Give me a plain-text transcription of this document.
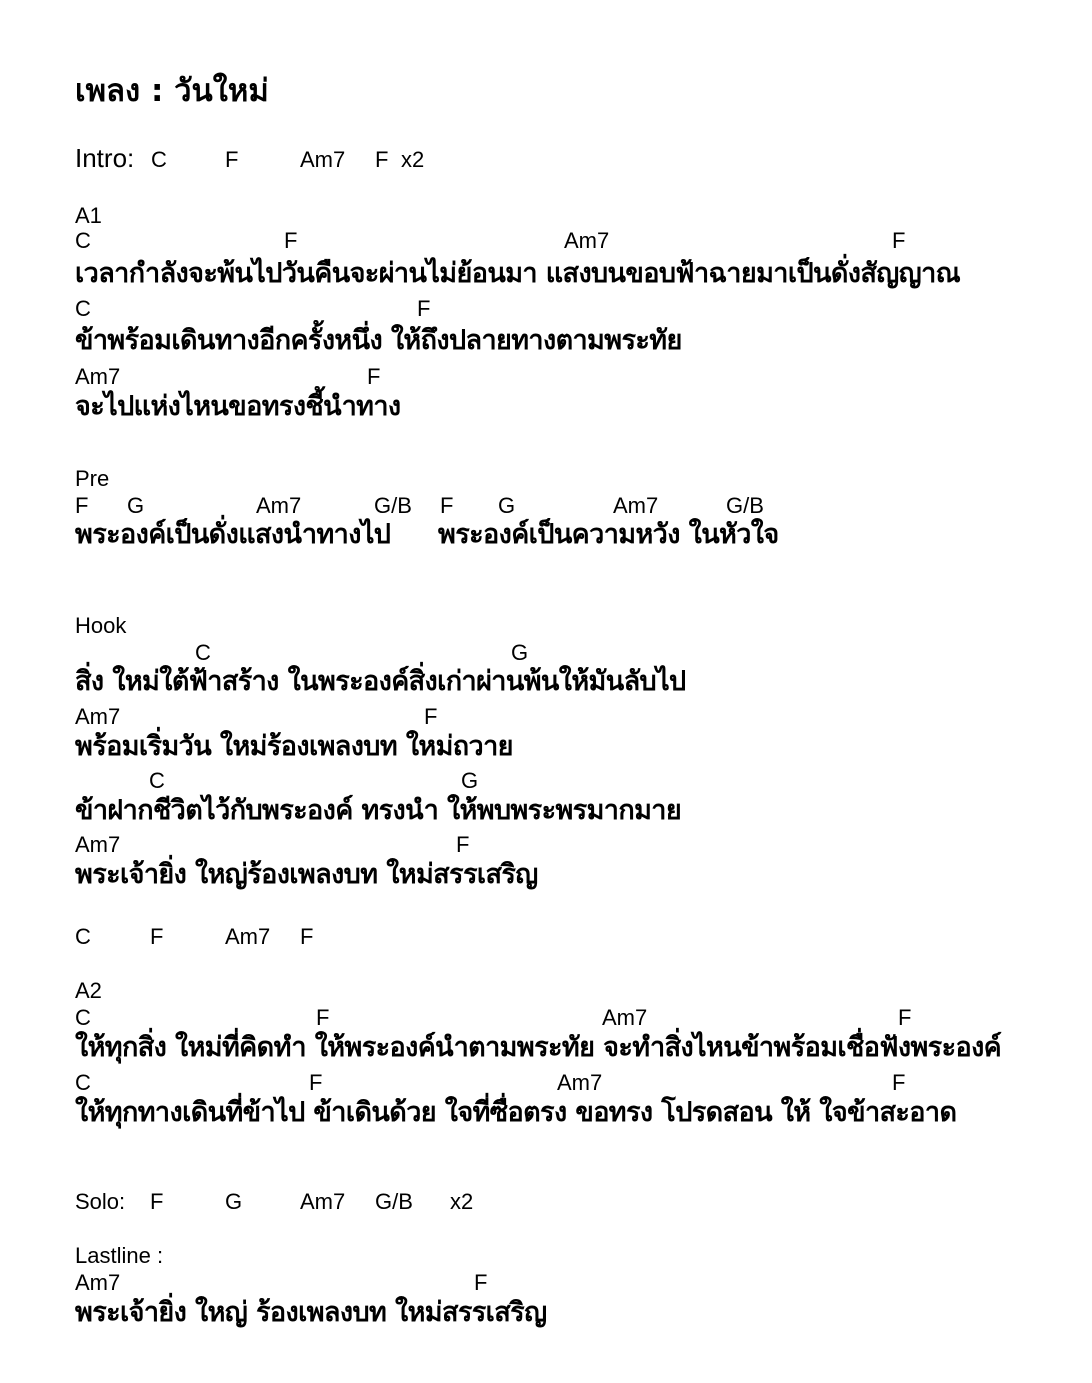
เพลง : วันใหม่
Intro: C	F	Am7 F x2
A1
C	F	Am7	F
เวลากำลังจะพ้นไปวันคืนจะผ่านไม่ย้อนมา แสงบนขอบฟ้าฉายมาเป็นดั่งสัญญาณ
C	F
ข้าพร้อมเดินทางอีกครั้งหนึ่ง ให้ถึงปลายทางตามพระทัย
Am7	F
จะไปแห่งไหนขอทรงชี้นำทาง
Pre
F G	Am7	G/B F G	Am7	G/B
พระองค์เป็นดั่งแสงนำทางไป พระองค์เป็นความหวัง ในหัวใจ
Hook
C	G
สิ่ง ใหม่ใต้ฟ้าสร้าง ในพระองค์สิ่งเก่าผ่านพ้นให้มันลับไป
Am7	F
พร้อมเริ่มวัน ใหม่ร้องเพลงบท ใหม่ถวาย
C	G
ข้าฝากชีวิตไว้กับพระองค์ ทรงนำ ให้พบพระพรมากมาย
Am7	F
พระเจ้ายิ่ง ใหญ่ร้องเพลงบท ใหม่สรรเสริญ
C	F	Am7 F
A2
C	F	Am7	F
ให้ทุกสิ่ง ใหม่ที่คิดทำ ให้พระองค์นำตามพระทัย จะทำสิ่งไหนข้าพร้อมเชื่อฟังพระองค์
C	F	Am7	F
ให้ทุกทางเดินที่ข้าไป ข้าเดินด้วย ใจที่ซื่อตรง ขอทรง โปรดสอน ให้ ใจข้าสะอาด
Solo: F	G	Am7 G/B x2
Lastline :
Am7	F
พระเจ้ายิ่ง ใหญ่ ร้องเพลงบท ใหม่สรรเสริญ
